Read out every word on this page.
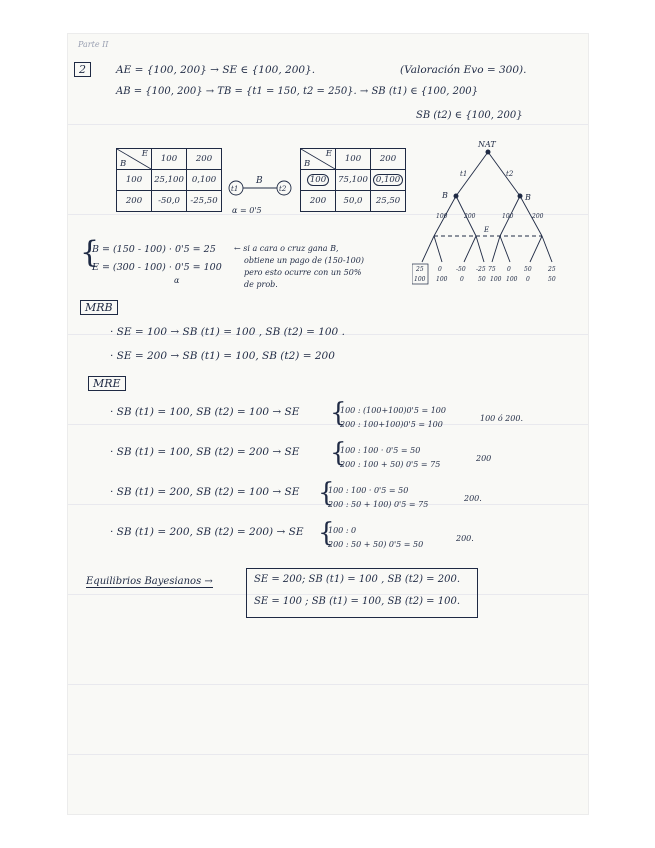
Parte II
2	AE = {100, 200} → SE ∈ {100, 200}.	(Valoración Evo = 300).
AB = {100, 200} → TB = {t1 = 150, t2 = 250}. → SB (t1) ∈ {100, 200}
SB (t2) ∈ {100, 200}
E
B	100	200
100	25,100	0,100
200	-50,0	-25,50
t1
B
t2
α = 0'5
E
B	100	200
100	75,100	0,100
200	50,0	25,50
NAT
t1	t2
B	B
E
100	200	100	200
25 0 -50 -25 75 0 50	25
100 100 0 50 100 100 0	50
{
B = (150 - 100) · 0'5 = 25
E = (300 - 100) · 0'5 = 100
α
← si a cara o cruz gana B,
obtiene un pago de (150-100)
pero esto ocurre con un 50%
de prob.
MRB
· SE = 100 → SB (t1) = 100 , SB (t2) = 100 .
· SE = 200 → SB (t1) = 100, SB (t2) = 200
MRE
· SB (t1) = 100, SB (t2) = 100 → SE {
100 : (100+100)0'5 = 100
200 : 100+100)0'5 = 100
100 ó 200.
· SB (t1) = 100, SB (t2) = 200 → SE {
100 : 100 · 0'5 = 50
200 : 100 + 50) 0'5 = 75
200
· SB (t1) = 200, SB (t2) = 100 → SE {
100 : 100 · 0'5 = 50
200 : 50 + 100) 0'5 = 75
200.
· SB (t1) = 200, SB (t2) = 200) → SE {
100 : 0
200 : 50 + 50) 0'5 = 50
200.
Equilibrios Bayesianos →	SE = 200; SB (t1) = 100 , SB (t2) = 200.
SE = 100 ; SB (t1) = 100, SB (t2) = 100.
